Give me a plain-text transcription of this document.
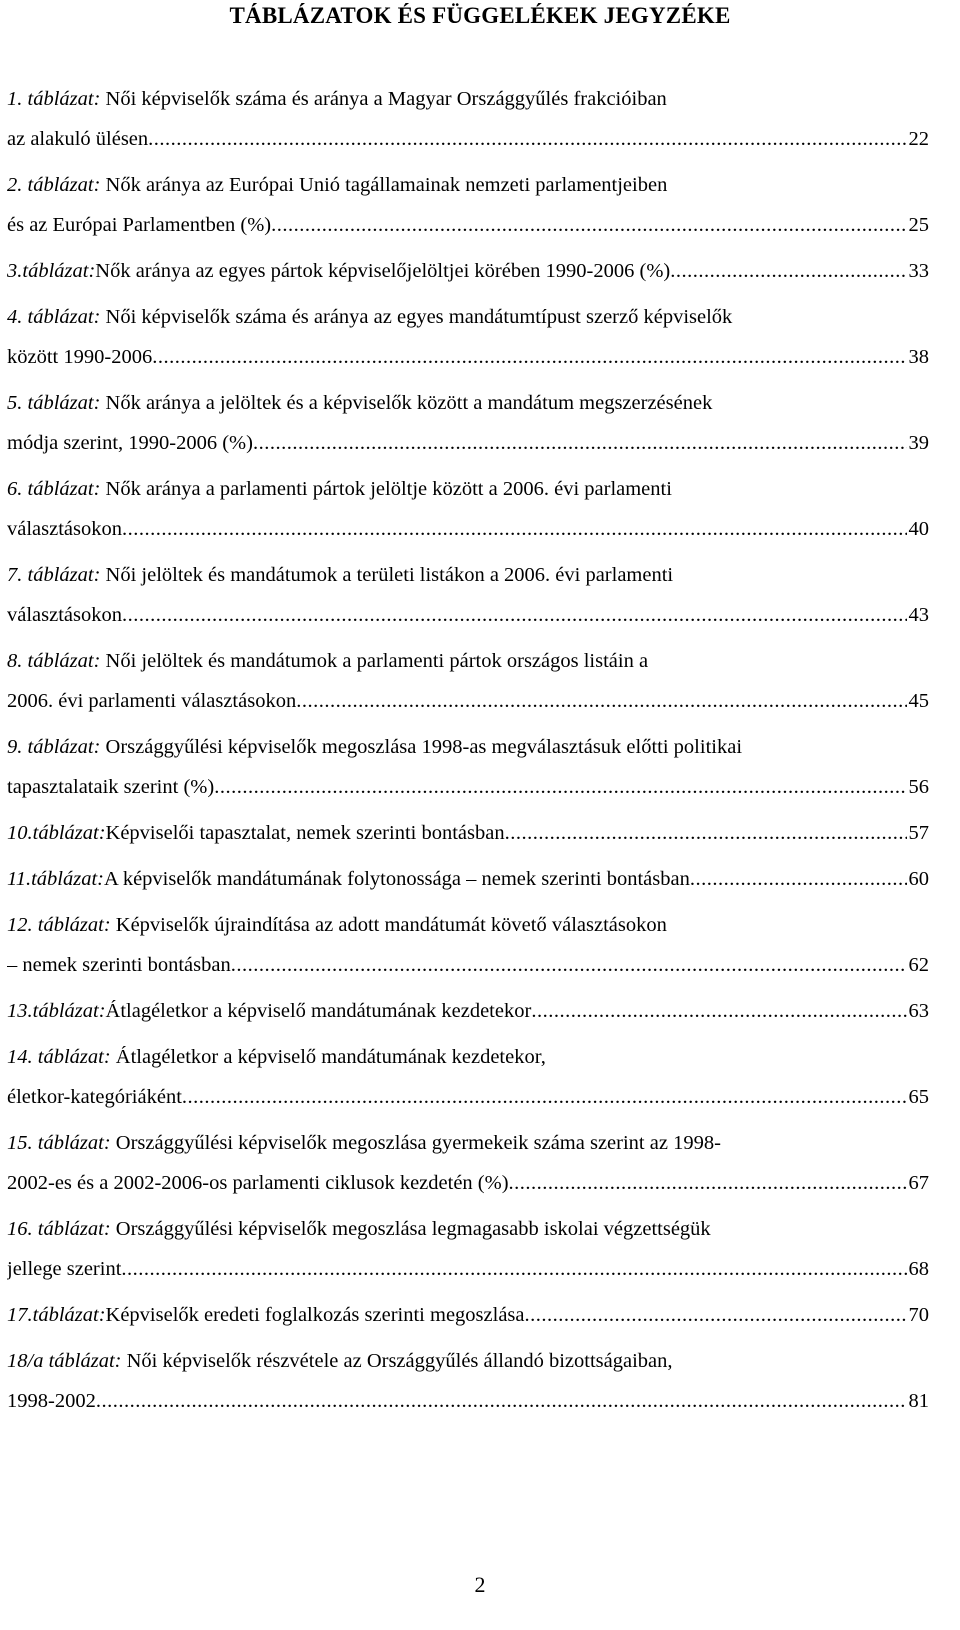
TÁBLÁZATOK ÉS FÜGGELÉKEK JEGYZÉKE
1. táblázat: Női képviselők száma és aránya a Magyar Országgyűlés frakcióiban
az alakuló ülésen .....	22
2. táblázat: Nők aránya az Európai Unió tagállamainak nemzeti parlamentjeiben
és az Európai Parlamentben (%) .....	25
3. táblázat: Nők aránya az egyes pártok képviselőjelöltjei körében 1990-2006 (%) .....	33
4. táblázat: Női képviselők száma és aránya az egyes mandátumtípust szerző képviselők
között 1990-2006 .....	38
5. táblázat: Nők aránya a jelöltek és a képviselők között a mandátum megszerzésének
módja szerint, 1990-2006 (%) .....	39
6. táblázat: Nők aránya a parlamenti pártok jelöltje között a 2006. évi parlamenti
választásokon .....	40
7. táblázat: Női jelöltek és mandátumok a területi listákon a 2006. évi parlamenti
választásokon .....	43
8. táblázat: Női jelöltek és mandátumok a parlamenti pártok országos listáin a
2006. évi parlamenti választásokon .....	45
9. táblázat: Országgyűlési képviselők megoszlása 1998-as megválasztásuk előtti politikai
tapasztalataik szerint (%) .....	56
10. táblázat: Képviselői tapasztalat, nemek szerinti bontásban .....	57
11. táblázat: A képviselők mandátumának folytonossága – nemek szerinti bontásban .....	60
12. táblázat: Képviselők újraindítása az adott mandátumát követő választásokon
– nemek szerinti bontásban .....	62
13. táblázat: Átlagéletkor a képviselő mandátumának kezdetekor .....	63
14. táblázat: Átlagéletkor a képviselő mandátumának kezdetekor,
életkor-kategóriáként .....	65
15. táblázat: Országgyűlési képviselők megoszlása gyermekeik száma szerint az 1998-
2002-es és a 2002-2006-os parlamenti ciklusok kezdetén (%) .....	67
16. táblázat: Országgyűlési képviselők megoszlása legmagasabb iskolai végzettségük
jellege szerint .....	68
17. táblázat: Képviselők eredeti foglalkozás szerinti megoszlása .....	70
18/a táblázat: Női képviselők részvétele az Országgyűlés állandó bizottságaiban,
1998-2002 .....	81
2
